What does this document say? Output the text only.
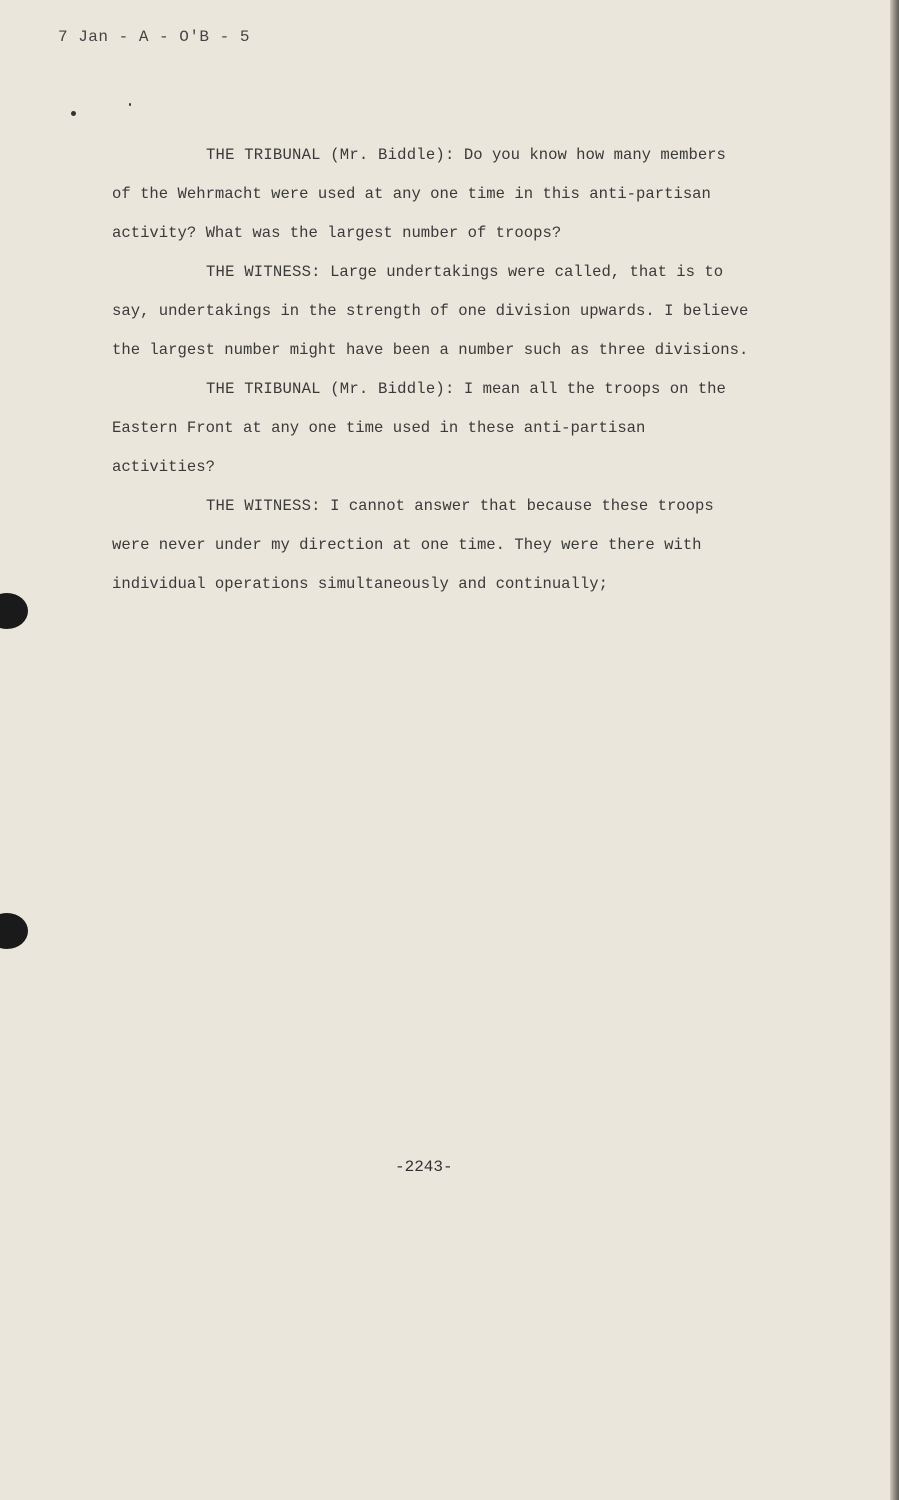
7 Jan - A - O'B - 5

THE TRIBUNAL (Mr. Biddle): Do you know how many members of the Wehrmacht were used at any one time in this anti-partisan activity? What was the largest number of troops?

THE WITNESS: Large undertakings were called, that is to say, undertakings in the strength of one division upwards. I believe the largest number might have been a number such as three divisions.

THE TRIBUNAL (Mr. Biddle): I mean all the troops on the Eastern Front at any one time used in these anti-partisan activities?

THE WITNESS: I cannot answer that because these troops were never under my direction at one time. They were there with individual operations simultaneously and continually;

-2243-
